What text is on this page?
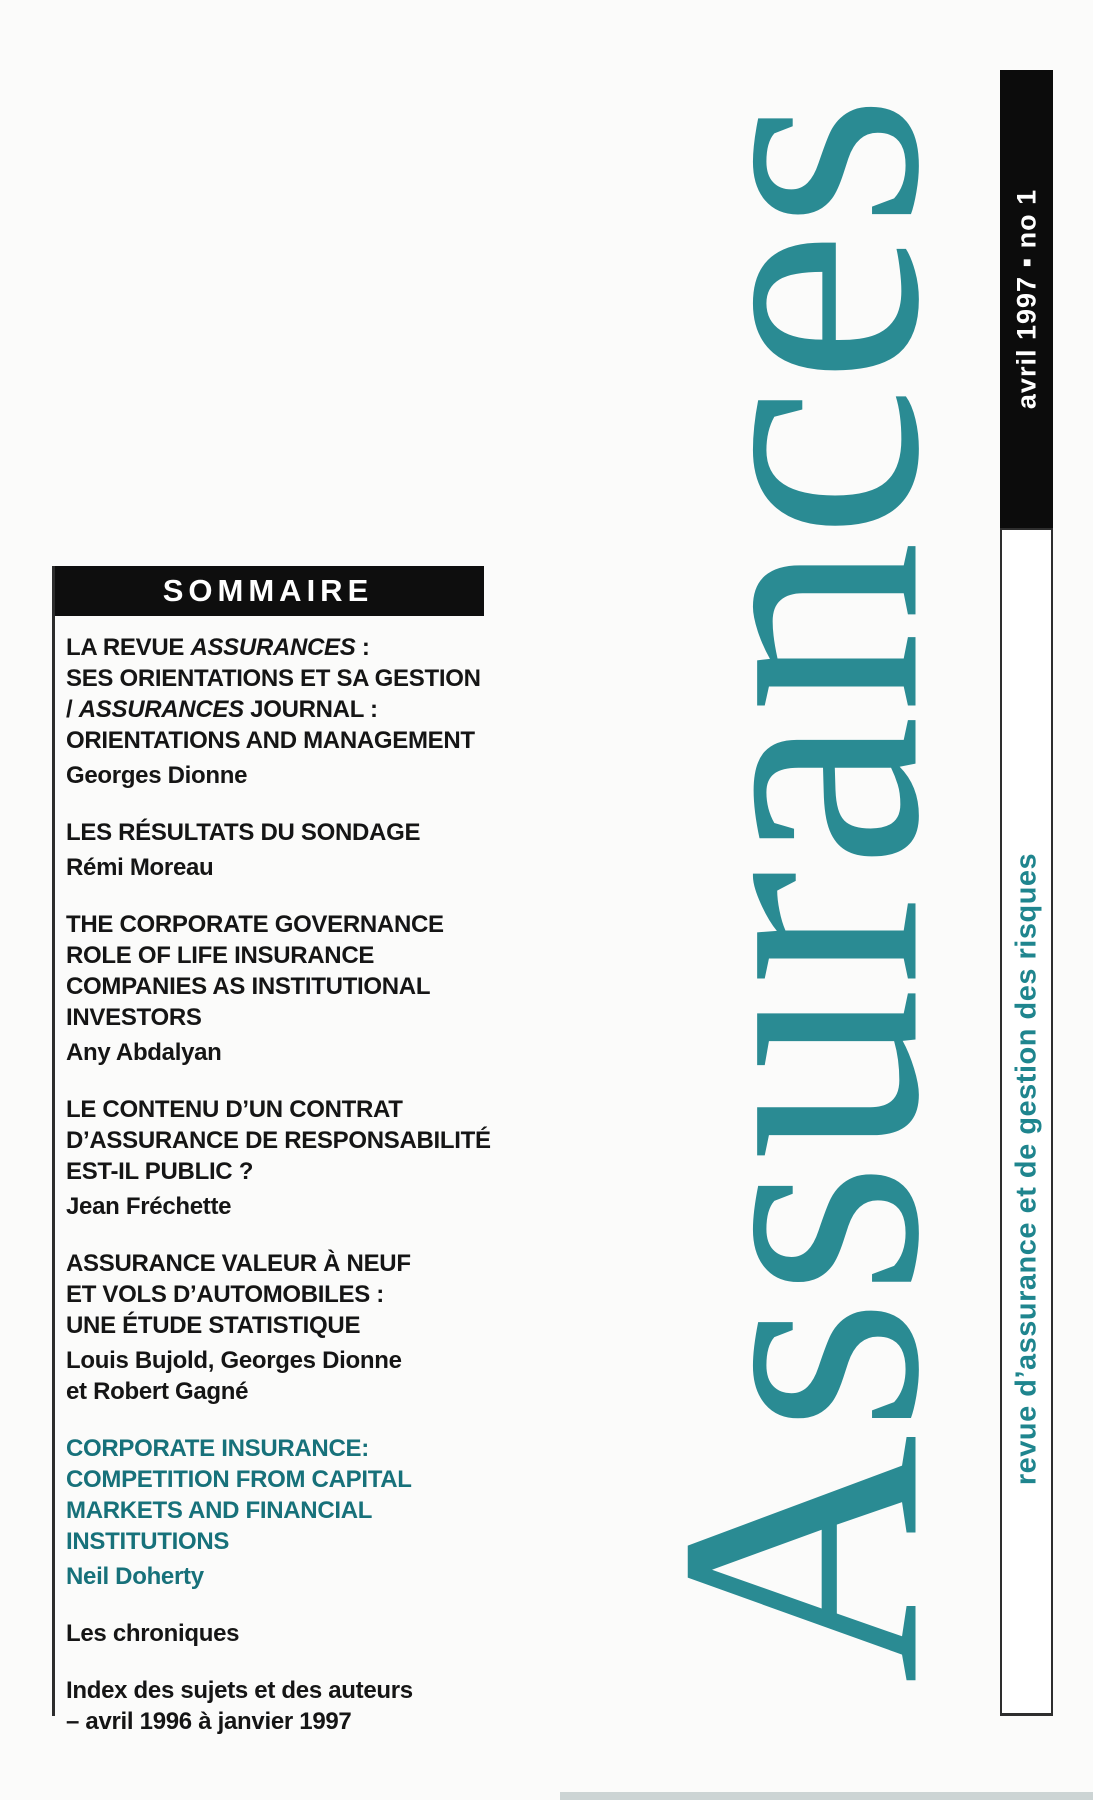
SOMMAIRE
LA REVUE ASSURANCES :
SES ORIENTATIONS ET SA GESTION
/ ASSURANCES JOURNAL :
ORIENTATIONS AND MANAGEMENT
Georges Dionne
LES RÉSULTATS DU SONDAGE
Rémi Moreau
THE CORPORATE GOVERNANCE
ROLE OF LIFE INSURANCE
COMPANIES AS INSTITUTIONAL
INVESTORS
Any Abdalyan
LE CONTENU D’UN CONTRAT
D’ASSURANCE DE RESPONSABILITÉ
EST-IL PUBLIC ?
Jean Fréchette
ASSURANCE VALEUR À NEUF
ET VOLS D’AUTOMOBILES :
UNE ÉTUDE STATISTIQUE
Louis Bujold, Georges Dionne
et Robert Gagné
CORPORATE INSURANCE:
COMPETITION FROM CAPITAL
MARKETS AND FINANCIAL
INSTITUTIONS
Neil Doherty
Les chroniques
Index des sujets et des auteurs
– avril 1996 à janvier 1997
Assurances avril 1997 ▪ no 1
revue d’assurance et de gestion des risques
